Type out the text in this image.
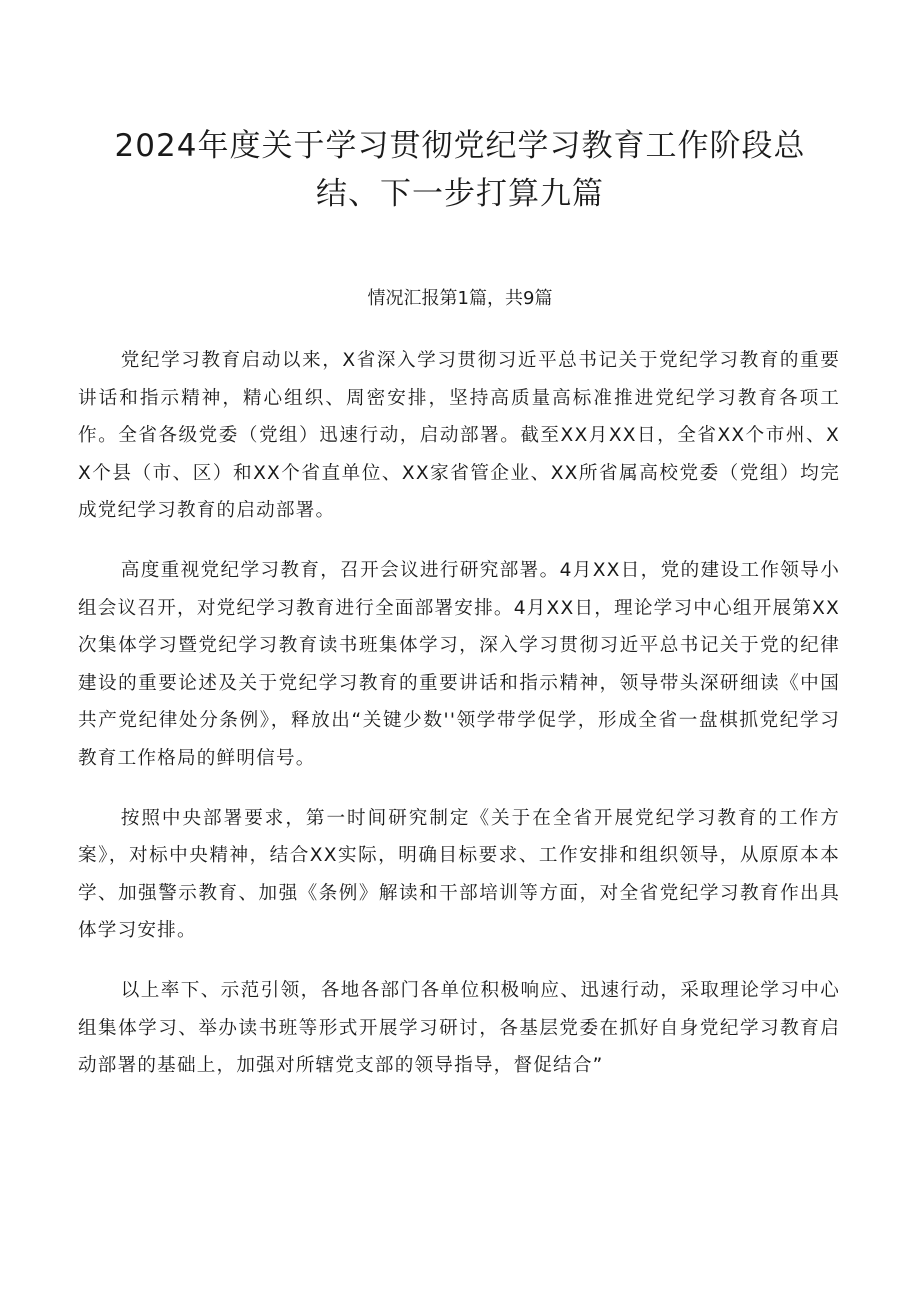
2024年度关于学习贯彻党纪学习教育工作阶段总
结、下一步打算九篇
情况汇报第1篇，共9篇

党纪学习教育启动以来，X省深入学习贯彻习近平总书记关于党纪学习教育的重要讲话和指示精神，精心组织、周密安排，坚持高质量高标准推进党纪学习教育各项工作。全省各级党委（党组）迅速行动，启动部署。截至XX月XX日，全省XX个市州、XX个县（市、区）和XX个省直单位、XX家省管企业、XX所省属高校党委（党组）均完成党纪学习教育的启动部署。

高度重视党纪学习教育，召开会议进行研究部署。4月XX日，党的建设工作领导小组会议召开，对党纪学习教育进行全面部署安排。4月XX日，理论学习中心组开展第XX次集体学习暨党纪学习教育读书班集体学习，深入学习贯彻习近平总书记关于党的纪律建设的重要论述及关于党纪学习教育的重要讲话和指示精神，领导带头深研细读《中国共产党纪律处分条例》，释放出“关键少数''领学带学促学，形成全省一盘棋抓党纪学习教育工作格局的鲜明信号。

按照中央部署要求，第一时间研究制定《关于在全省开展党纪学习教育的工作方案》，对标中央精神，结合XX实际，明确目标要求、工作安排和组织领导，从原原本本学、加强警示教育、加强《条例》解读和干部培训等方面，对全省党纪学习教育作出具体学习安排。

以上率下、示范引领，各地各部门各单位积极响应、迅速行动，采取理论学习中心组集体学习、举办读书班等形式开展学习研讨，各基层党委在抓好自身党纪学习教育启动部署的基础上，加强对所辖党支部的领导指导，督促结合”
